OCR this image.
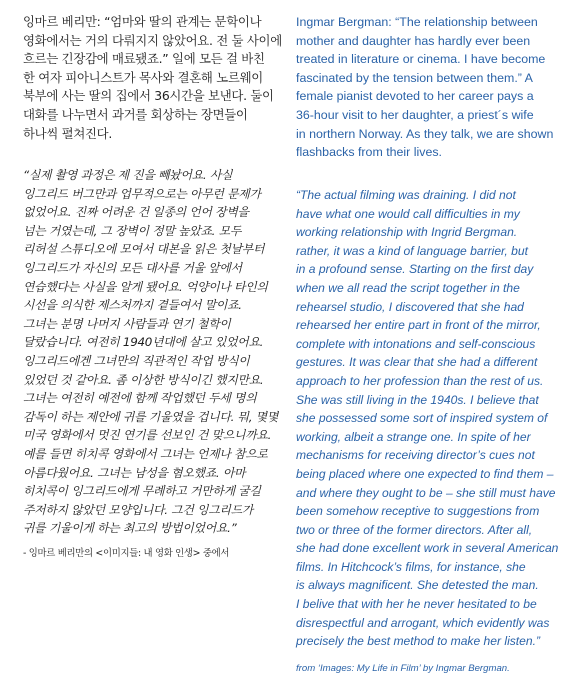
잉마르 베리만: “엄마와 딸의 관계는 문학이나
영화에서는 거의 다뤄지지 않았어요. 전 둘 사이에
흐르는 긴장감에 매료됐죠.” 일에 모든 걸 바친
한 여자 피아니스트가 목사와 결혼해 노르웨이
북부에 사는 딸의 집에서 36시간을 보낸다. 둘이
대화를 나누면서 과거를 회상하는 장면들이
하나씩 펼쳐진다.

“실제 촬영 과정은 제 진을 빼놨어요. 사실
잉그리드 버그만과 업무적으로는 아무런 문제가
없었어요. 진짜 어려운 건 일종의 언어 장벽을
넘는 거였는데, 그 장벽이 정말 높았죠. 모두
리허설 스튜디오에 모여서 대본을 읽은 첫날부터
잉그리드가 자신의 모든 대사를 거울 앞에서
연습했다는 사실을 알게 됐어요. 억양이나 타인의
시선을 의식한 제스처까지 곁들여서 말이죠.
그녀는 분명 나머지 사람들과 연기 철학이
달랐습니다. 여전히 1940년대에 살고 있었어요.
잉그리드에겐 그녀만의 직관적인 작업 방식이
있었던 것 같아요. 좀 이상한 방식이긴 했지만요.
그녀는 여전히 예전에 함께 작업했던 두세 명의
감독이 하는 제안에 귀를 기울였을 겁니다. 뭐, 몇몇
미국 영화에서 멋진 연기를 선보인 건 맞으니까요.
예를 들면 히치콕 영화에서 그녀는 언제나 참으로
아름다웠어요. 그녀는 남성을 혐오했죠. 아마
히치콕이 잉그리드에게 무례하고 거만하게 굴길
주저하지 않았던 모양입니다. 그건 잉그리드가
귀를 기울이게 하는 최고의 방법이었어요.”

- 잉마르 베리만의 <이미지들: 내 영화 인생> 중에서

Ingmar Bergman: “The relationship between
mother and daughter has hardly ever been
treated in literature or cinema. I have become
fascinated by the tension between them.” A
female pianist devoted to her career pays a
36-hour visit to her daughter, a priest´s wife
in northern Norway. As they talk, we are shown
flashbacks from their lives.

“The actual filming was draining. I did not
have what one would call difficulties in my
working relationship with Ingrid Bergman.
rather, it was a kind of language barrier, but
in a profound sense. Starting on the first day
when we all read the script together in the
rehearsel studio, I discovered that she had
rehearsed her entire part in front of the mirror,
complete with intonations and self-conscious
gestures. It was clear that she had a different
approach to her profession than the rest of us.
She was still living in the 1940s. I believe that
she possessed some sort of inspired system of
working, albeit a strange one. In spite of her
mechanisms for receiving director’s cues not
being placed where one expected to find them –
and where they ought to be – she still must have
been somehow receptive to suggestions from
two or three of the former directors. After all,
she had done excellent work in several American
films. In Hitchcock’s films, for instance, she
is always magnificent. She detested the man.
I belive that with her he never hesitated to be
disrespectful and arrogant, which evidently was
precisely the best method to make her listen.”

from ‘Images: My Life in Film’ by Ingmar Bergman.
